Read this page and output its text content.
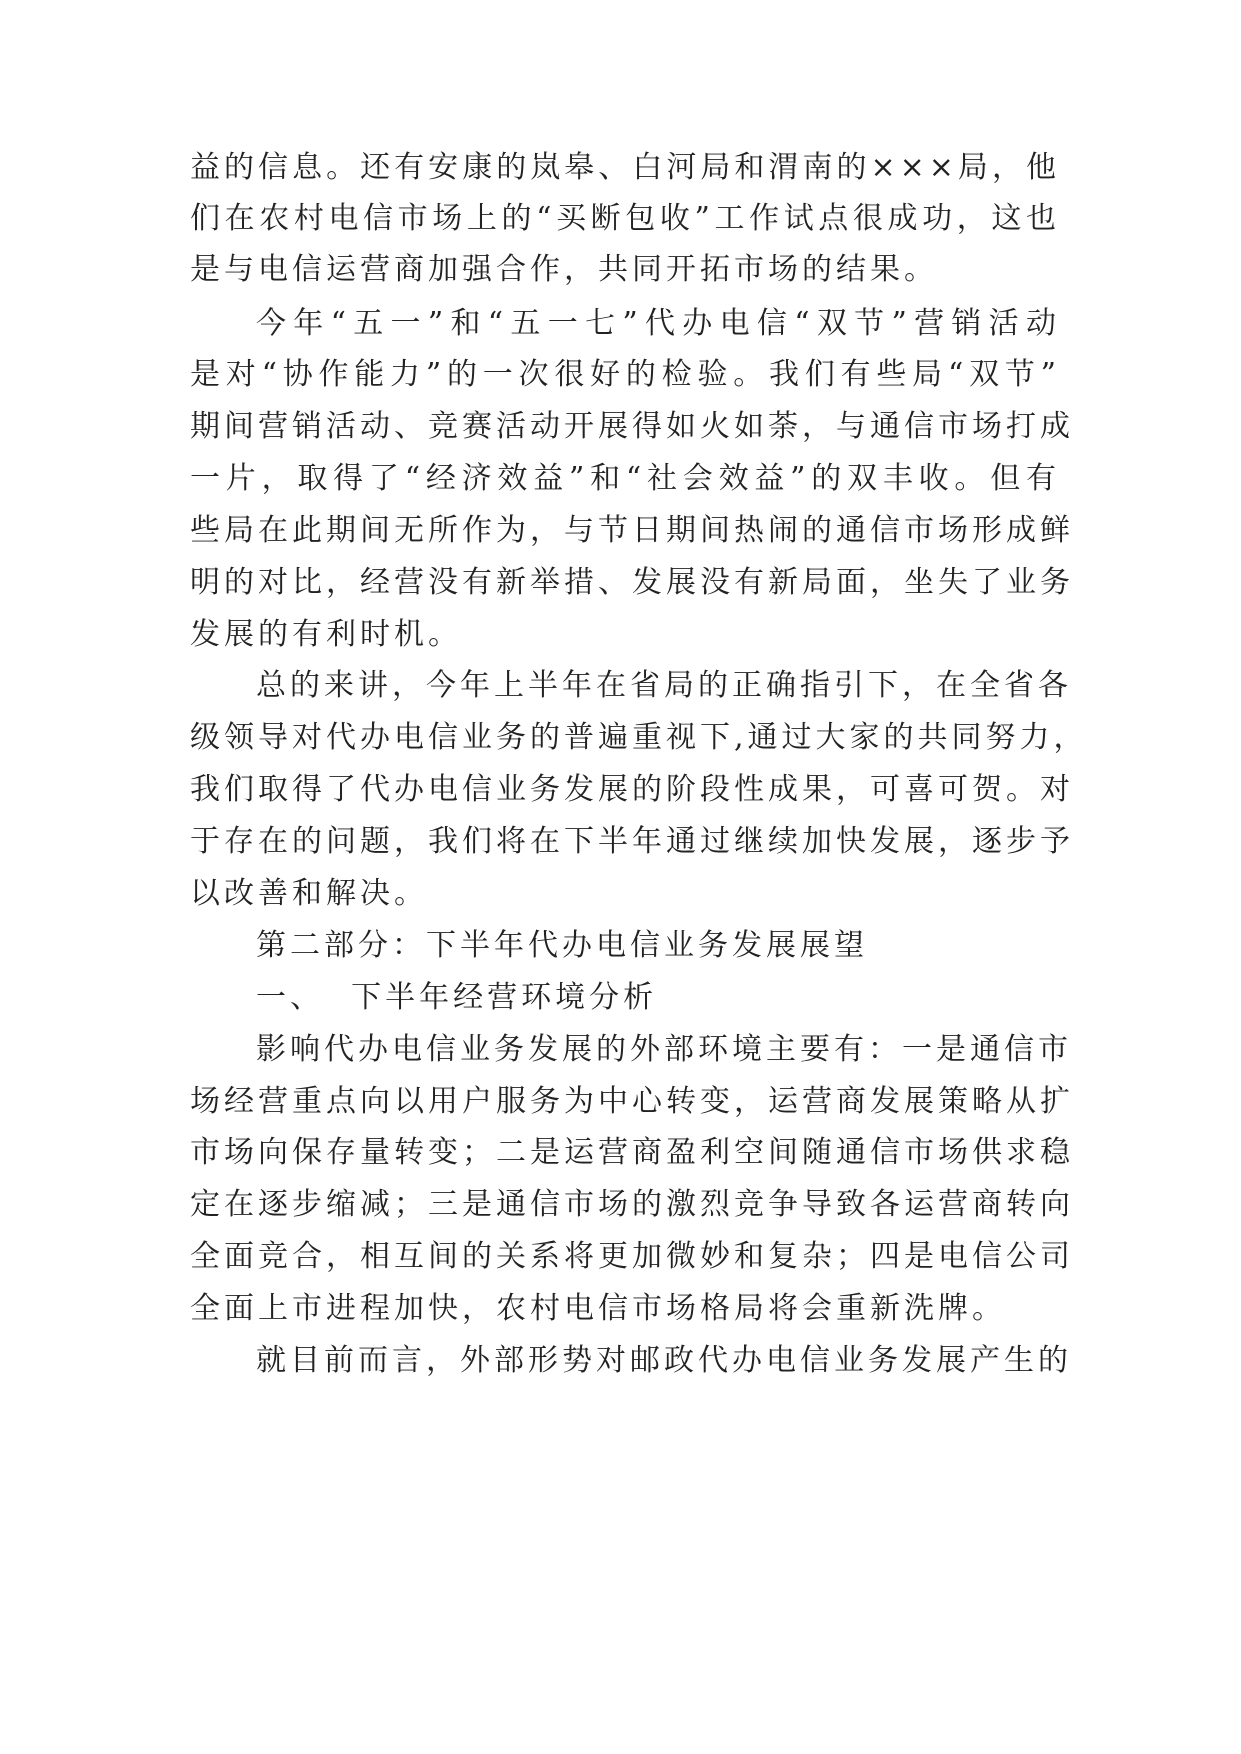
益的信息。还有安康的岚皋、白河局和渭南的×××局，他
们在农村电信市场上的“买断包收”工作试点很成功，这也
是与电信运营商加强合作，共同开拓市场的结果。
今年“五一”和“五一七”代办电信“双节”营销活动
是对“协作能力”的一次很好的检验。我们有些局“双节”
期间营销活动、竞赛活动开展得如火如荼，与通信市场打成
一片，取得了“经济效益”和“社会效益”的双丰收。但有
些局在此期间无所作为，与节日期间热闹的通信市场形成鲜
明的对比，经营没有新举措、发展没有新局面，坐失了业务
发展的有利时机。
总的来讲，今年上半年在省局的正确指引下，在全省各
级领导对代办电信业务的普遍重视下,通过大家的共同努力，
我们取得了代办电信业务发展的阶段性成果，可喜可贺。对
于存在的问题，我们将在下半年通过继续加快发展，逐步予
以改善和解决。
第二部分：下半年代办电信业务发展展望
一、  下半年经营环境分析
影响代办电信业务发展的外部环境主要有：一是通信市
场经营重点向以用户服务为中心转变，运营商发展策略从扩
市场向保存量转变；二是运营商盈利空间随通信市场供求稳
定在逐步缩减；三是通信市场的激烈竞争导致各运营商转向
全面竞合，相互间的关系将更加微妙和复杂；四是电信公司
全面上市进程加快，农村电信市场格局将会重新洗牌。
就目前而言，外部形势对邮政代办电信业务发展产生的
